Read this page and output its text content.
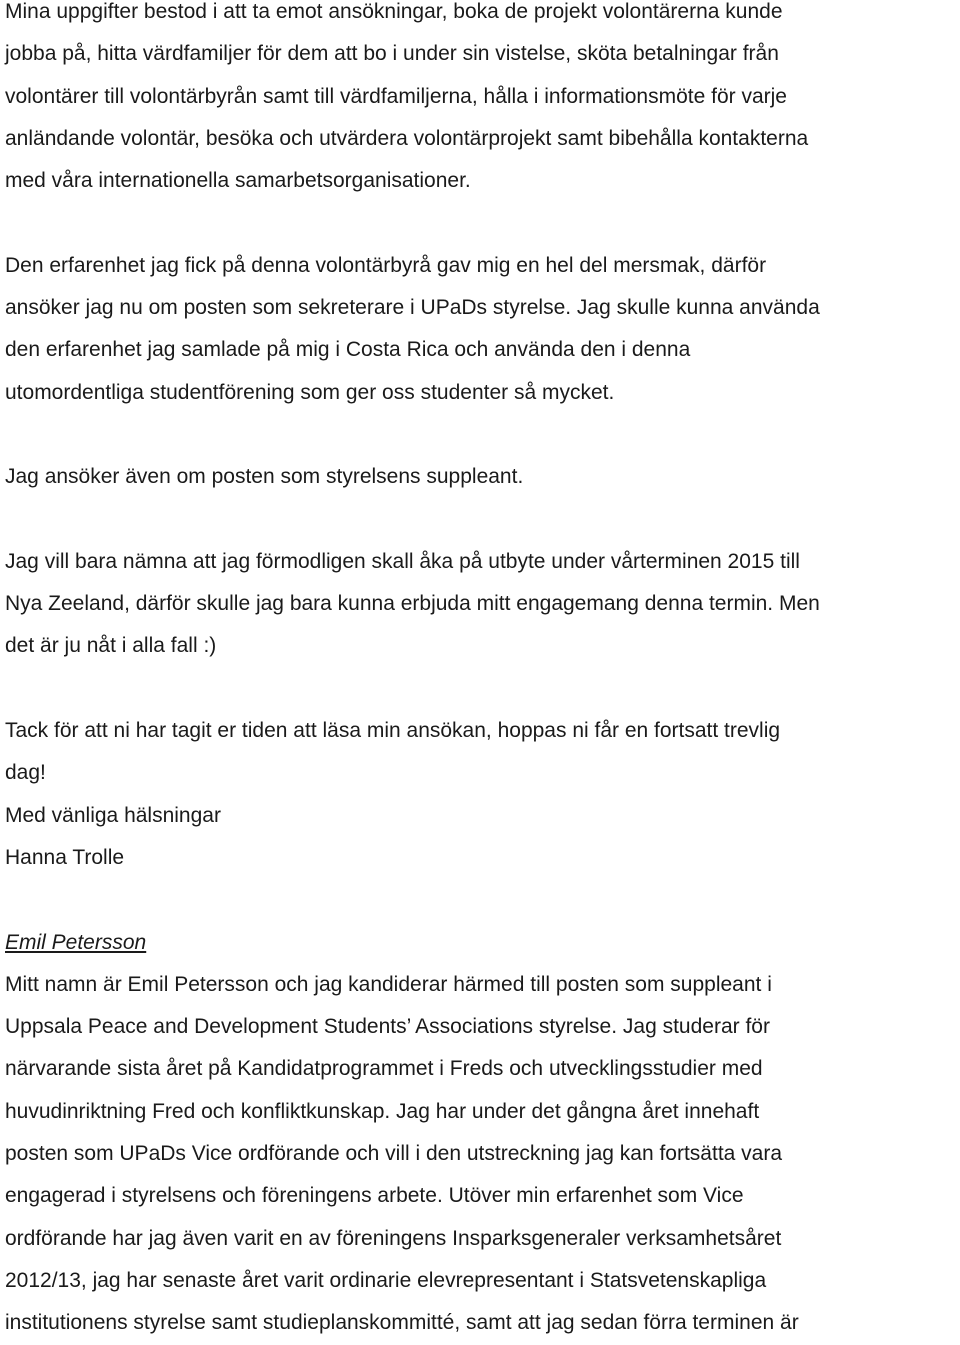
Mina uppgifter bestod i att ta emot ansökningar, boka de projekt volontärerna kunde

jobba på, hitta värdfamiljer för dem att bo i under sin vistelse, sköta betalningar från

volontärer till volontärbyrån samt till värdfamiljerna, hålla i informationsmöte för varje

anländande volontär, besöka och utvärdera volontärprojekt samt bibehålla kontakterna

med våra internationella samarbetsorganisationer.

Den erfarenhet jag fick på denna volontärbyrå gav mig en hel del mersmak, därför

ansöker jag nu om posten som sekreterare i UPaDs styrelse. Jag skulle kunna använda

den erfarenhet jag samlade på mig i Costa Rica och använda den i denna

utomordentliga studentförening som ger oss studenter så mycket.

Jag ansöker även om posten som styrelsens suppleant.

Jag vill bara nämna att jag förmodligen skall åka på utbyte under vårterminen 2015 till

Nya Zeeland, därför skulle jag bara kunna erbjuda mitt engagemang denna termin. Men

det är ju nåt i alla fall :)

Tack för att ni har tagit er tiden att läsa min ansökan, hoppas ni får en fortsatt trevlig

dag!

Med vänliga hälsningar

Hanna Trolle

Emil Petersson

Mitt namn är Emil Petersson och jag kandiderar härmed till posten som suppleant i

Uppsala Peace and Development Students’ Associations styrelse. Jag studerar för

närvarande sista året på Kandidatprogrammet i Freds och utvecklingsstudier med

huvudinriktning Fred och konfliktkunskap. Jag har under det gångna året innehaft

posten som UPaDs Vice ordförande och vill i den utstreckning jag kan fortsätta vara

engagerad i styrelsens och föreningens arbete. Utöver min erfarenhet som Vice

ordförande har jag även varit en av föreningens Insparksgeneraler verksamhetsåret

2012/13, jag har senaste året varit ordinarie elevrepresentant i Statsvetenskapliga

institutionens styrelse samt studieplanskommitté, samt att jag sedan förra terminen är
